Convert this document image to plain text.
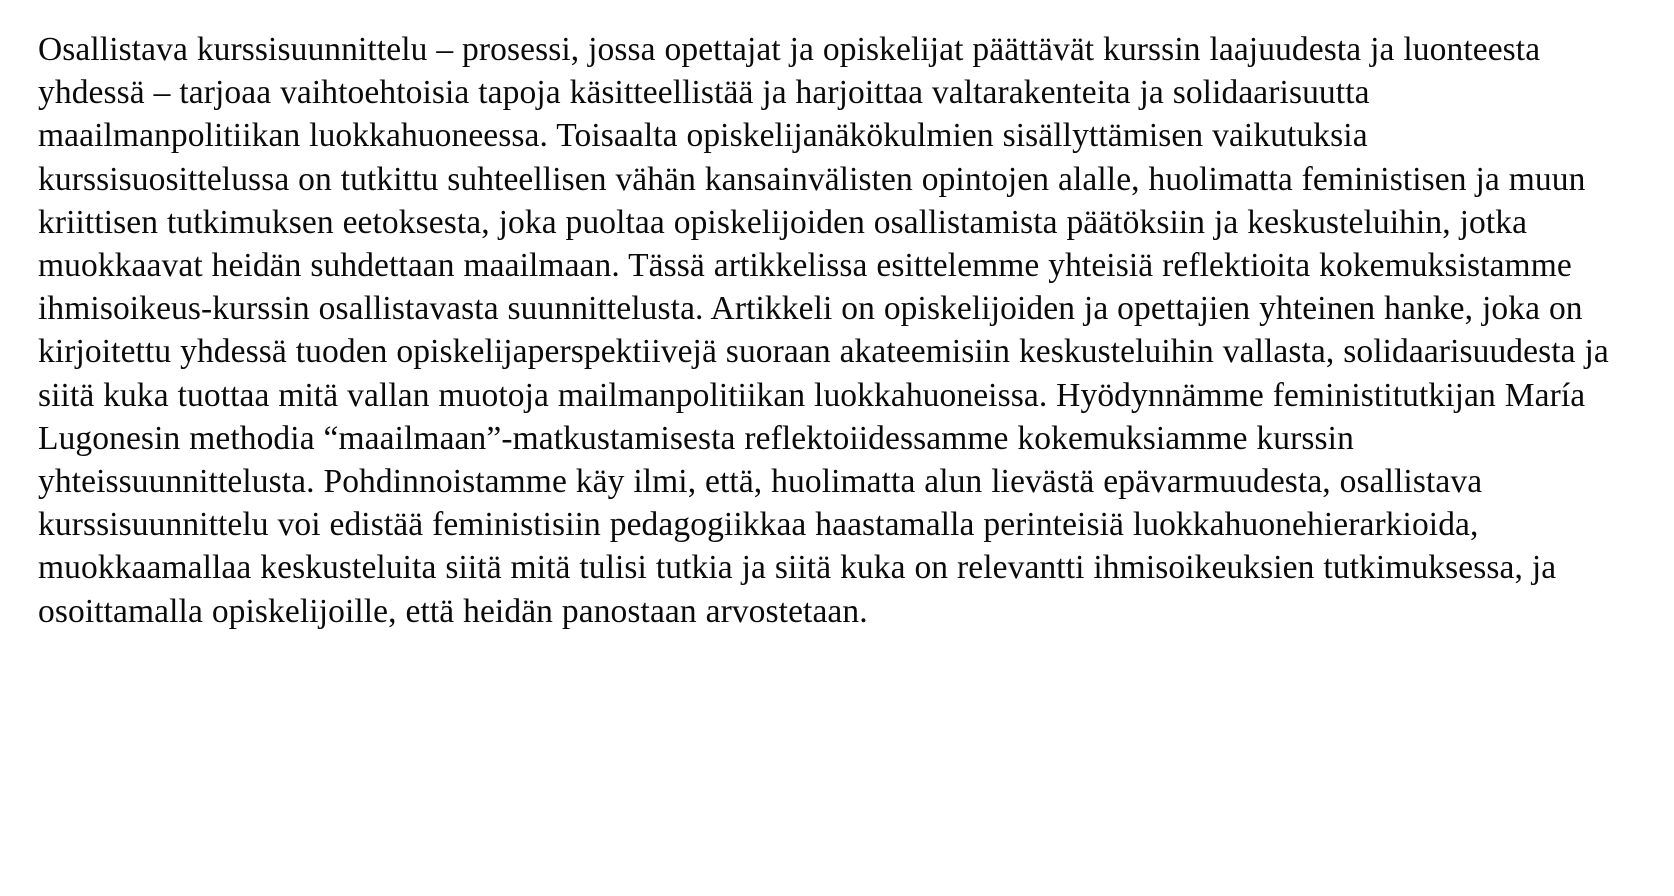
Osallistava kurssisuunnittelu – prosessi, jossa opettajat ja opiskelijat päättävät kurssin laajuudesta ja luonteesta yhdessä – tarjoaa vaihtoehtoisia tapoja käsitteellistää ja harjoittaa valtarakenteita ja solidaarisuutta maailmanpolitiikan luokkahuoneessa. Toisaalta opiskelijanäkökulmien sisällyttämisen vaikutuksia kurssisuosittelussa on tutkittu suhteellisen vähän kansainvälisten opintojen alalle, huolimatta feministisen ja muun kriittisen tutkimuksen eetoksesta, joka puoltaa opiskelijoiden osallistamista päätöksiin ja keskusteluihin, jotka muokkaavat heidän suhdettaan maailmaan. Tässä artikkelissa esittelemme yhteisiä reflektioita kokemuksistamme ihmisoikeus-kurssin osallistavasta suunnittelusta. Artikkeli on opiskelijoiden ja opettajien yhteinen hanke, joka on kirjoitettu yhdessä tuoden opiskelijaperspektiivejä suoraan akateemisiin keskusteluihin vallasta, solidaarisuudesta ja siitä kuka tuottaa mitä vallan muotoja mailmanpolitiikan luokkahuoneissa. Hyödynnämme feministitutkijan María Lugonesin methodia “maailmaan”-matkustamisesta reflektoiidessamme kokemuksiamme kurssin yhteissuunnittelusta. Pohdinnoistamme käy ilmi, että, huolimatta alun lievästä epävarmuudesta, osallistava kurssisuunnittelu voi edistää feministisiin pedagogiikkaa haastamalla perinteisiä luokkahuonehierarkioida, muokkaamallaa keskusteluita siitä mitä tulisi tutkia ja siitä kuka on relevantti ihmisoikeuksien tutkimuksessa, ja osoittamalla opiskelijoille, että heidän panostaan arvostetaan.
